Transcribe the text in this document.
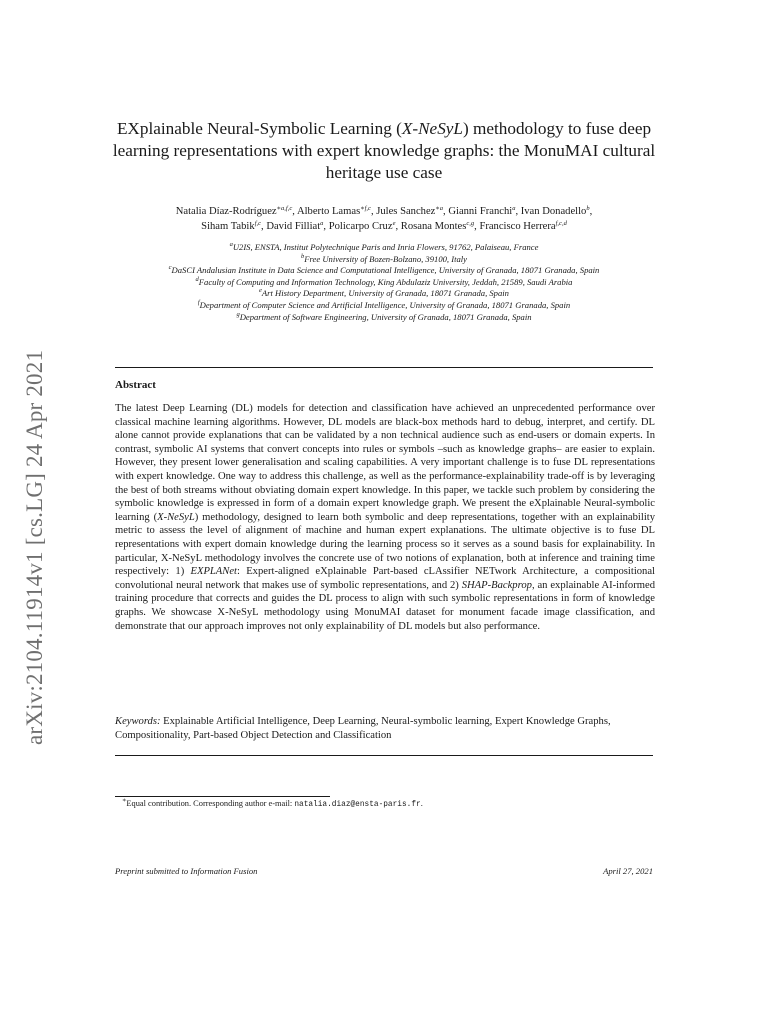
arXiv:2104.11914v1 [cs.LG] 24 Apr 2021
EXplainable Neural-Symbolic Learning (X-NeSyL) methodology to fuse deep learning representations with expert knowledge graphs: the MonuMAI cultural heritage use case
Natalia Díaz-Rodríguez$^{∗a,f,c}$, Alberto Lamas$^{∗f,c}$, Jules Sanchez$^{∗a}$, Gianni Franchi$^a$, Ivan Donadello$^b$,
Siham Tabik$^{f,c}$, David Filliat$^a$, Policarpo Cruz$^e$, Rosana Montes$^{c,g}$, Francisco Herrera$^{f,c,d}$
$^a$U2IS, ENSTA, Institut Polytechnique Paris and Inria Flowers, 91762, Palaiseau, France
$^b$Free University of Bozen-Bolzano, 39100, Italy
$^c$DaSCI Andalusian Institute in Data Science and Computational Intelligence, University of Granada, 18071 Granada, Spain
$^d$Faculty of Computing and Information Technology, King Abdulaziz University, Jeddah, 21589, Saudi Arabia
$^e$Art History Department, University of Granada, 18071 Granada, Spain
$^f$Department of Computer Science and Artificial Intelligence, University of Granada, 18071 Granada, Spain
$^g$Department of Software Engineering, University of Granada, 18071 Granada, Spain
Abstract
The latest Deep Learning (DL) models for detection and classification have achieved an unprecedented performance over classical machine learning algorithms. However, DL models are black-box methods hard to debug, interpret, and certify. DL alone cannot provide explanations that can be validated by a non technical audience such as end-users or domain experts. In contrast, symbolic AI systems that convert concepts into rules or symbols –such as knowledge graphs– are easier to explain. However, they present lower generalisation and scaling capabilities. A very important challenge is to fuse DL representations with expert knowledge. One way to address this challenge, as well as the performance-explainability trade-off is by leveraging the best of both streams without obviating domain expert knowledge. In this paper, we tackle such problem by considering the symbolic knowledge is expressed in form of a domain expert knowledge graph. We present the eXplainable Neural-symbolic learning (X-NeSyL) methodology, designed to learn both symbolic and deep representations, together with an explainability metric to assess the level of alignment of machine and human expert explanations. The ultimate objective is to fuse DL representations with expert domain knowledge during the learning process so it serves as a sound basis for explainability. In particular, X-NeSyL methodology involves the concrete use of two notions of explanation, both at inference and training time respectively: 1) EXPLANet: Expert-aligned eXplainable Part-based cLAssifier NETwork Architecture, a compositional convolutional neural network that makes use of symbolic representations, and 2) SHAP-Backprop, an explainable AI-informed training procedure that corrects and guides the DL process to align with such symbolic representations in form of knowledge graphs. We showcase X-NeSyL methodology using MonuMAI dataset for monument facade image classification, and demonstrate that our approach improves not only explainability of DL models but also performance.
Keywords: Explainable Artificial Intelligence, Deep Learning, Neural-symbolic learning, Expert Knowledge Graphs, Compositionality, Part-based Object Detection and Classification
∗Equal contribution. Corresponding author e-mail: natalia.diaz@ensta-paris.fr.
Preprint submitted to Information Fusion	April 27, 2021
